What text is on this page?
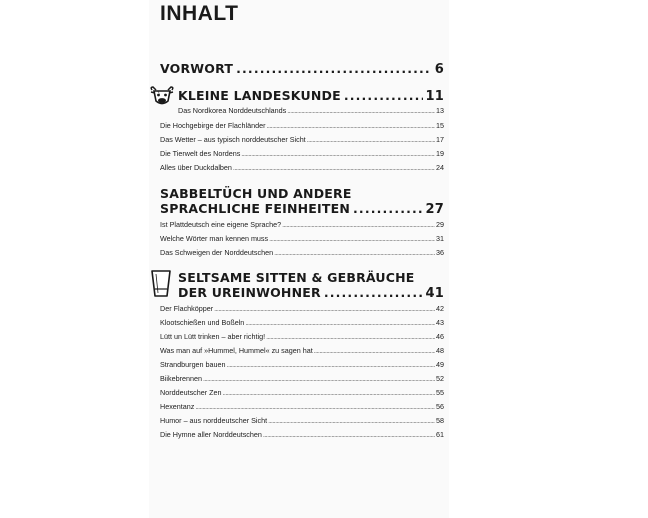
INHALT
VORWORT . . .	6
KLEINE LANDESKUNDE . . .	11
Das Nordkorea Norddeutschlands .....	13
Die Hochgebirge der Flachländer .....	15
Das Wetter – aus typisch norddeutscher Sicht .....	17
Die Tierwelt des Nordens .....	19
Alles über Duckdalben .....	24
SABBELTÜCH UND ANDERE
SPRACHLICHE FEINHEITEN . . .	27
Ist Plattdeutsch eine eigene Sprache? .....	29
Welche Wörter man kennen muss .....	31
Das Schweigen der Norddeutschen .....	36
SELTSAME SITTEN & GEBRÄUCHE
DER UREINWOHNER . . .	41
Der Flachköpper .....	42
Klootschießen und Boßeln .....	43
Lütt un Lütt trinken – aber richtig! .....	46
Was man auf »Hummel, Hummel« zu sagen hat .....	48
Strandburgen bauen .....	49
Biikebrennen .....	52
Norddeutscher Zen .....	55
Hexentanz .....	56
Humor – aus norddeutscher Sicht .....	58
Die Hymne aller Norddeutschen .....	61
